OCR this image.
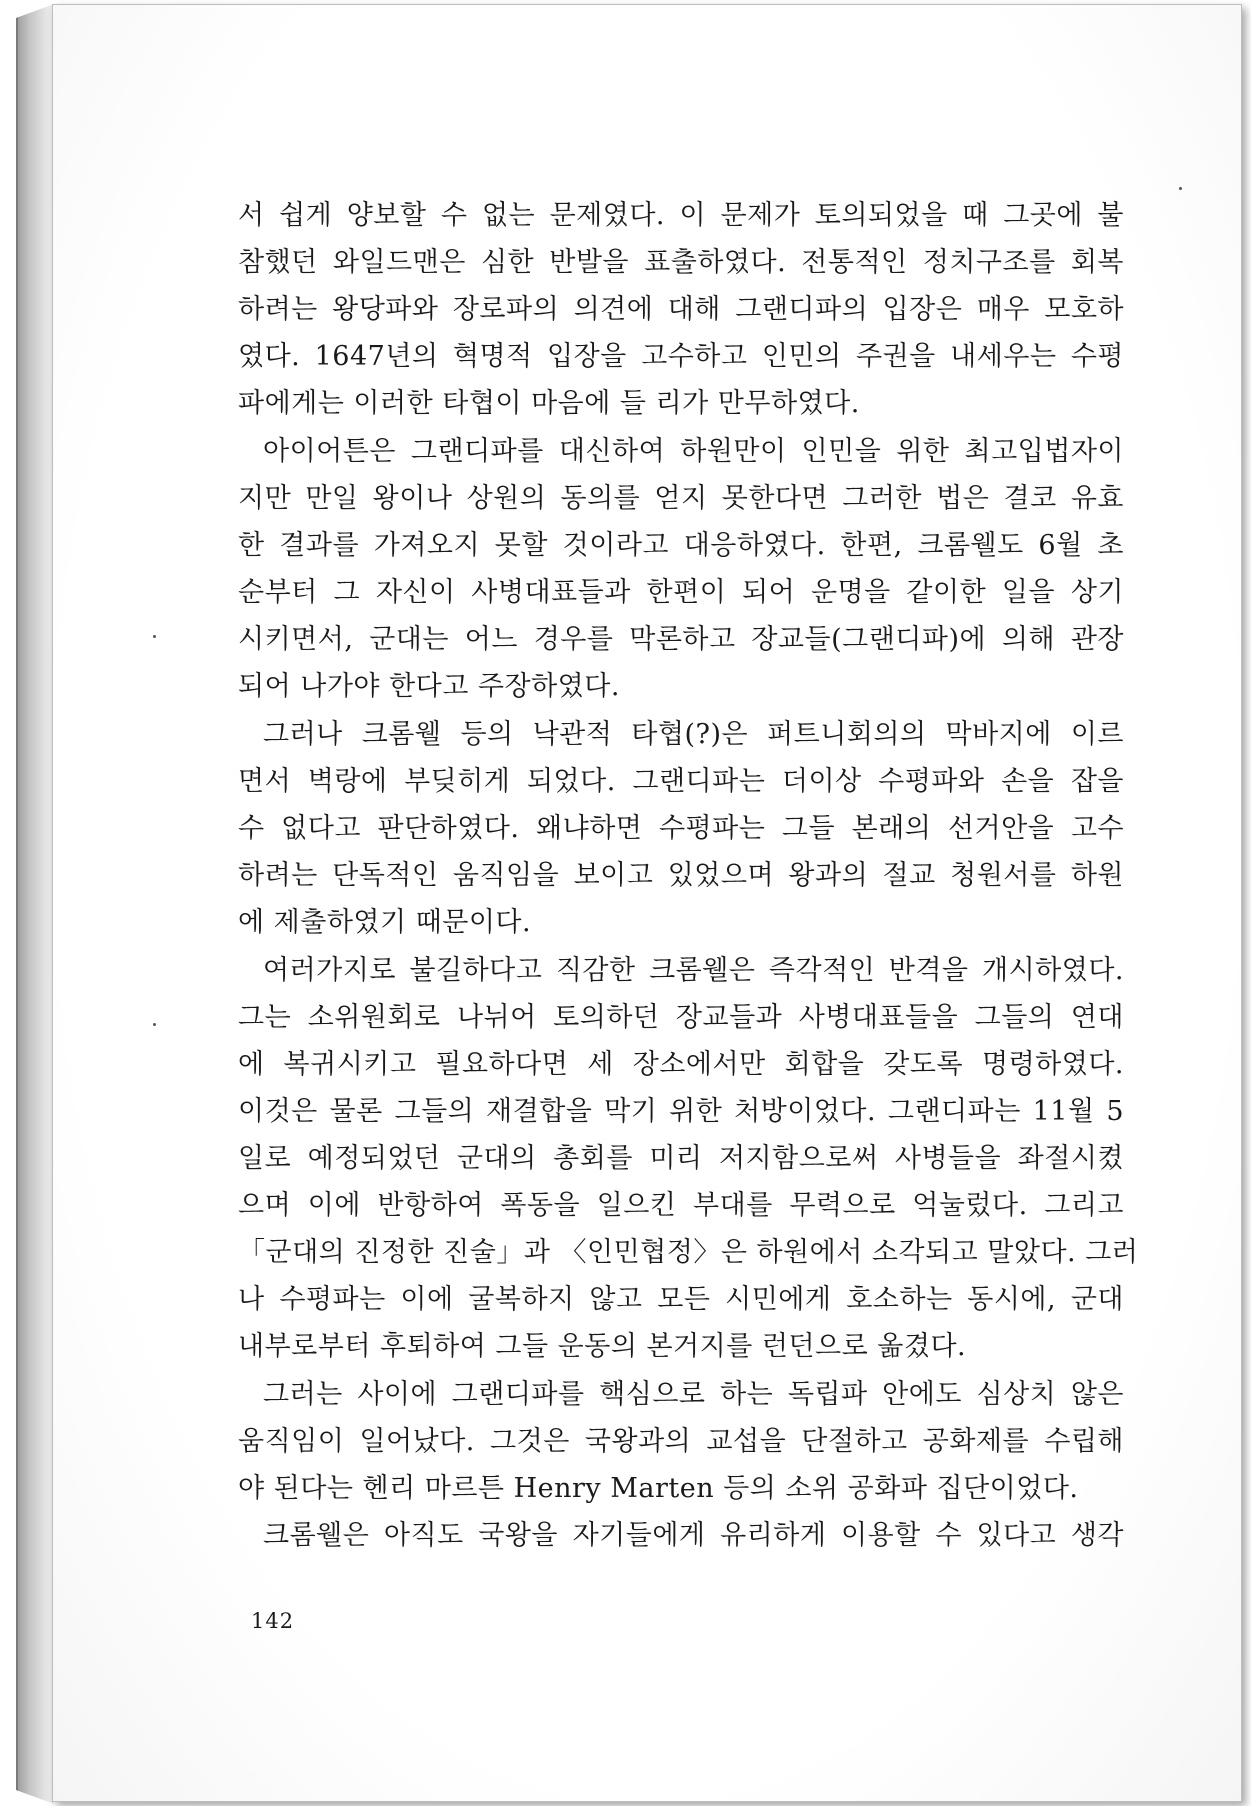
서 쉽게 양보할 수 없는 문제였다. 이 문제가 토의되었을 때 그곳에 불
참했던 와일드맨은 심한 반발을 표출하였다. 전통적인 정치구조를 회복
하려는 왕당파와 장로파의 의견에 대해 그랜디파의 입장은 매우 모호하
였다. 1647년의 혁명적 입장을 고수하고 인민의 주권을 내세우는 수평
파에게는 이러한 타협이 마음에 들 리가 만무하였다.
아이어튼은 그랜디파를 대신하여 하원만이 인민을 위한 최고입법자이
지만 만일 왕이나 상원의 동의를 얻지 못한다면 그러한 법은 결코 유효
한 결과를 가져오지 못할 것이라고 대응하였다. 한편, 크롬웰도 6월 초
순부터 그 자신이 사병대표들과 한편이 되어 운명을 같이한 일을 상기
시키면서, 군대는 어느 경우를 막론하고 장교들(그랜디파)에 의해 관장
되어 나가야 한다고 주장하였다.
그러나 크롬웰 등의 낙관적 타협(?)은 퍼트니회의의 막바지에 이르
면서 벽랑에 부딪히게 되었다. 그랜디파는 더이상 수평파와 손을 잡을
수 없다고 판단하였다. 왜냐하면 수평파는 그들 본래의 선거안을 고수
하려는 단독적인 움직임을 보이고 있었으며 왕과의 절교 청원서를 하원
에 제출하였기 때문이다.
여러가지로 불길하다고 직감한 크롬웰은 즉각적인 반격을 개시하였다.
그는 소위원회로 나뉘어 토의하던 장교들과 사병대표들을 그들의 연대
에 복귀시키고 필요하다면 세 장소에서만 회합을 갖도록 명령하였다.
이것은 물론 그들의 재결합을 막기 위한 처방이었다. 그랜디파는 11월 5
일로 예정되었던 군대의 총회를 미리 저지함으로써 사병들을 좌절시켰
으며 이에 반항하여 폭동을 일으킨 부대를 무력으로 억눌렀다. 그리고
「군대의 진정한 진술」과 〈인민협정〉은 하원에서 소각되고 말았다. 그러
나 수평파는 이에 굴복하지 않고 모든 시민에게 호소하는 동시에, 군대
내부로부터 후퇴하여 그들 운동의 본거지를 런던으로 옮겼다.
그러는 사이에 그랜디파를 핵심으로 하는 독립파 안에도 심상치 않은
움직임이 일어났다. 그것은 국왕과의 교섭을 단절하고 공화제를 수립해
야 된다는 헨리 마르튼 Henry Marten 등의 소위 공화파 집단이었다.
크롬웰은 아직도 국왕을 자기들에게 유리하게 이용할 수 있다고 생각
142
